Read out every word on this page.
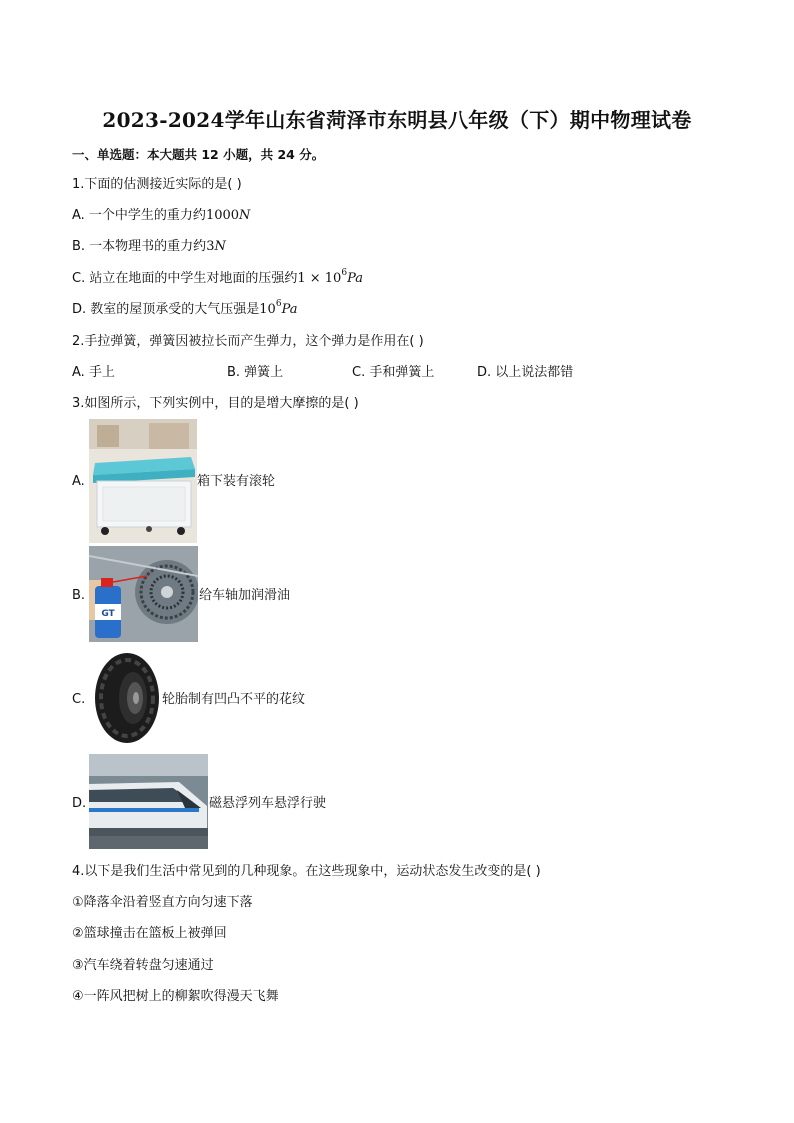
2023-2024学年山东省菏泽市东明县八年级（下）期中物理试卷
一、单选题：本大题共 12 小题，共 24 分。
1.下面的估测接近实际的是( )
A. 一个中学生的重力约1000N
B. 一本物理书的重力约3N
C. 站立在地面的中学生对地面的压强约$1 \times 10^6Pa$
D. 教室的屋顶承受的大气压强是$10^6Pa$
2.手拉弹簧，弹簧因被拉长而产生弹力，这个弹力是作用在( )
A. 手上	B. 弹簧上	C. 手和弹簧上	D. 以上说法都错
3.如图所示，下列实例中，目的是增大摩擦的是( )
A.	箱下装有滚轮
B.
GT
给车轴加润滑油
C.	轮胎制有凹凸不平的花纹
D.	磁悬浮列车悬浮行驶
4.以下是我们生活中常见到的几种现象。在这些现象中，运动状态发生改变的是( )
①降落伞沿着竖直方向匀速下落
②篮球撞击在篮板上被弹回
③汽车绕着转盘匀速通过
④一阵风把树上的柳絮吹得漫天飞舞
